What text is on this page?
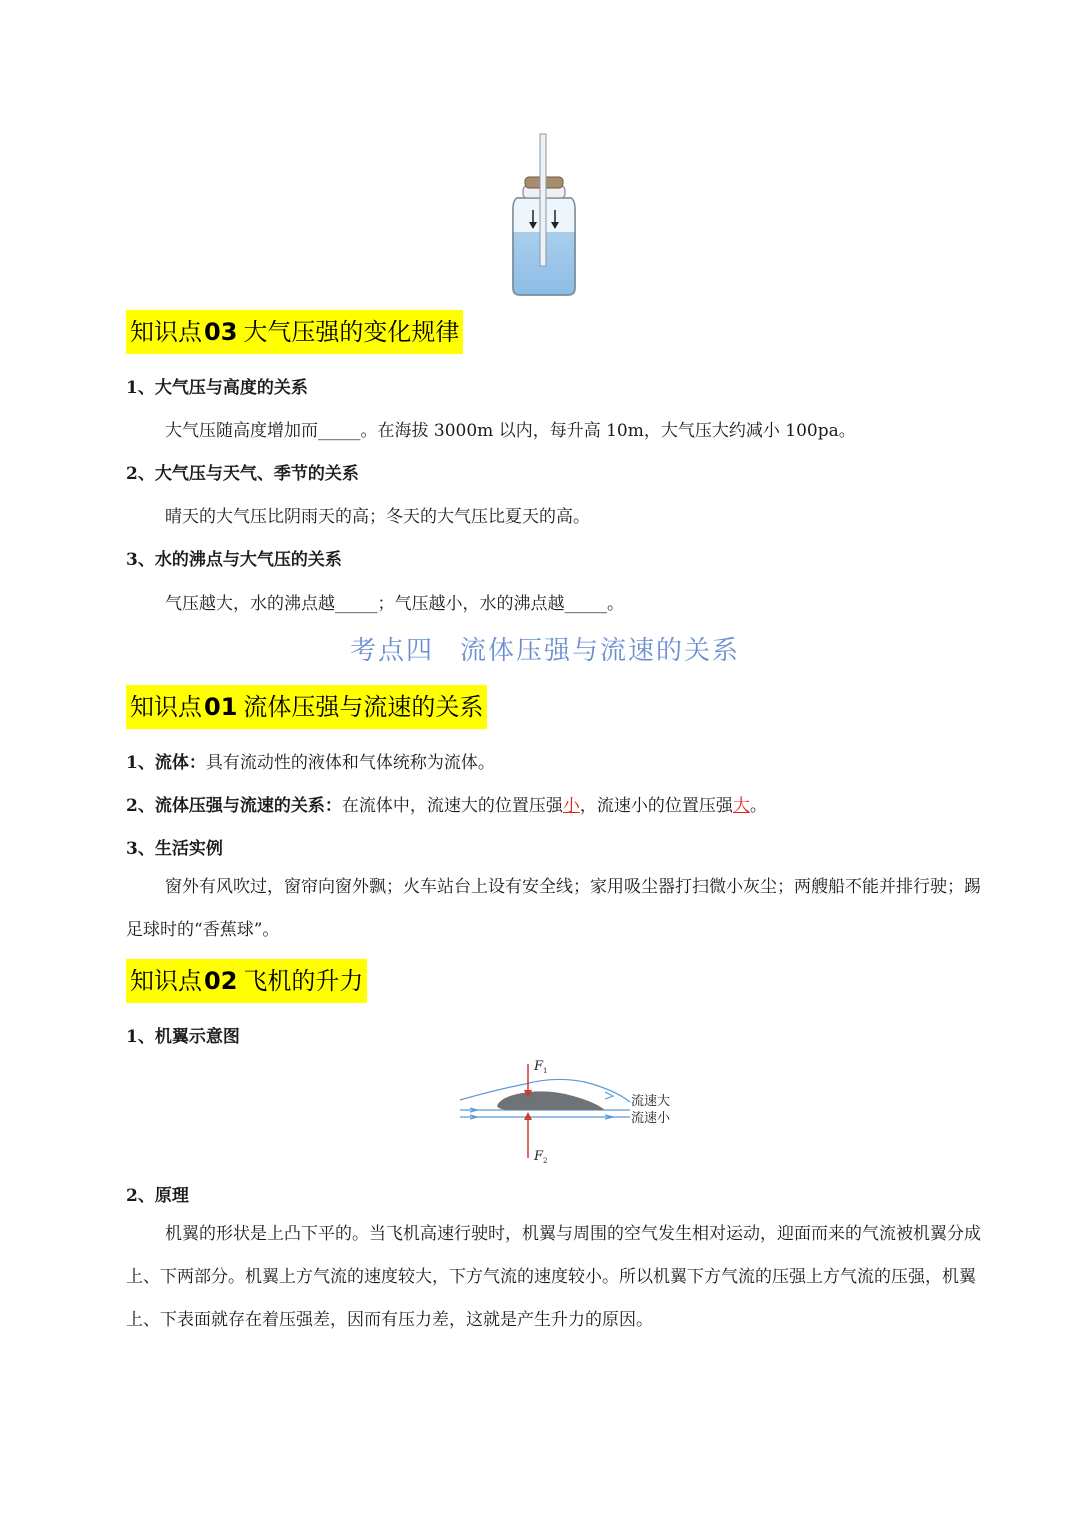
知识点03 大气压强的变化规律
1、大气压与高度的关系
大气压随高度增加而_____。在海拔 3000m 以内，每升高 10m，大气压大约减小 100pa。
2、大气压与天气、季节的关系
晴天的大气压比阴雨天的高；冬天的大气压比夏天的高。
3、水的沸点与大气压的关系
气压越大，水的沸点越_____；气压越小，水的沸点越_____。
考点四 流体压强与流速的关系
知识点01 流体压强与流速的关系
1、流体：具有流动性的液体和气体统称为流体。
2、流体压强与流速的关系：在流体中，流速大的位置压强小，流速小的位置压强大。
3、生活实例
窗外有风吹过，窗帘向窗外飘；火车站台上设有安全线；家用吸尘器打扫微小灰尘；两艘船不能并排行驶；踢足球时的“香蕉球”。
知识点02 飞机的升力
1、机翼示意图
F 1
F 2
流速大
流速小
2、原理
机翼的形状是上凸下平的。当飞机高速行驶时，机翼与周围的空气发生相对运动，迎面而来的气流被机翼分成上、下两部分。机翼上方气流的速度较大，下方气流的速度较小。所以机翼下方气流的压强上方气流的压强，机翼上、下表面就存在着压强差，因而有压力差，这就是产生升力的原因。
